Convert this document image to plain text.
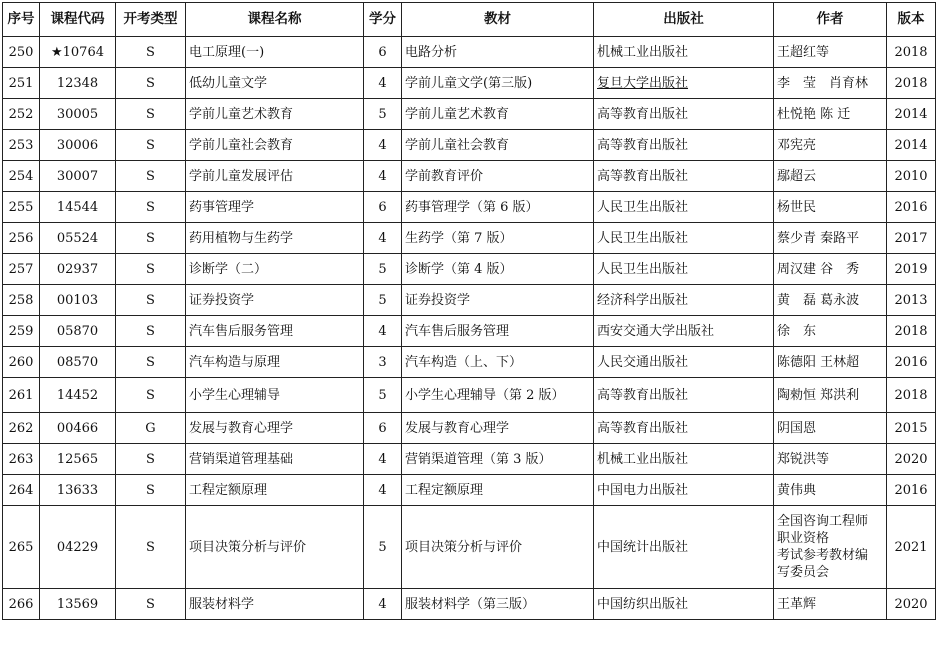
序号	课程代码	开考类型	课程名称	学分	教材	出版社	作者	版本
250	★10764	S	电工原理(一)	6	电路分析	机械工业出版社	王超红等	2018
251	12348	S	低幼儿童文学	4	学前儿童文学(第三版)	复旦大学出版社	李　莹　肖育林	2018
252	30005	S	学前儿童艺术教育	5	学前儿童艺术教育	高等教育出版社	杜悦艳 陈 迁	2014
253	30006	S	学前儿童社会教育	4	学前儿童社会教育	高等教育出版社	邓宪亮	2014
254	30007	S	学前儿童发展评估	4	学前教育评价	高等教育出版社	鄢超云	2010
255	14544	S	药事管理学	6	药事管理学（第 6 版）	人民卫生出版社	杨世民	2016
256	05524	S	药用植物与生药学	4	生药学（第 7 版）	人民卫生出版社	蔡少青 秦路平	2017
257	02937	S	诊断学（二）	5	诊断学（第 4 版）	人民卫生出版社	周汉建 谷　秀	2019
258	00103	S	证券投资学	5	证券投资学	经济科学出版社	黄　磊 葛永波	2013
259	05870	S	汽车售后服务管理	4	汽车售后服务管理	西安交通大学出版社	徐　东	2018
260	08570	S	汽车构造与原理	3	汽车构造（上、下）	人民交通出版社	陈德阳 王林超	2016
261	14452	S	小学生心理辅导	5	小学生心理辅导（第 2 版）	高等教育出版社	陶勑恒 郑洪利	2018
262	00466	G	发展与教育心理学	6	发展与教育心理学	高等教育出版社	阴国恩	2015
263	12565	S	营销渠道管理基础	4	营销渠道管理（第 3 版）	机械工业出版社	郑锐洪等	2020
264	13633	S	工程定额原理	4	工程定额原理	中国电力出版社	黄伟典	2016
265	04229	S	项目决策分析与评价	5	项目决策分析与评价	中国统计出版社	全国咨询工程师
职业资格
考试参考教材编
写委员会	2021
266	13569	S	服装材料学	4	服装材料学（第三版）	中国纺织出版社	王革辉	2020
